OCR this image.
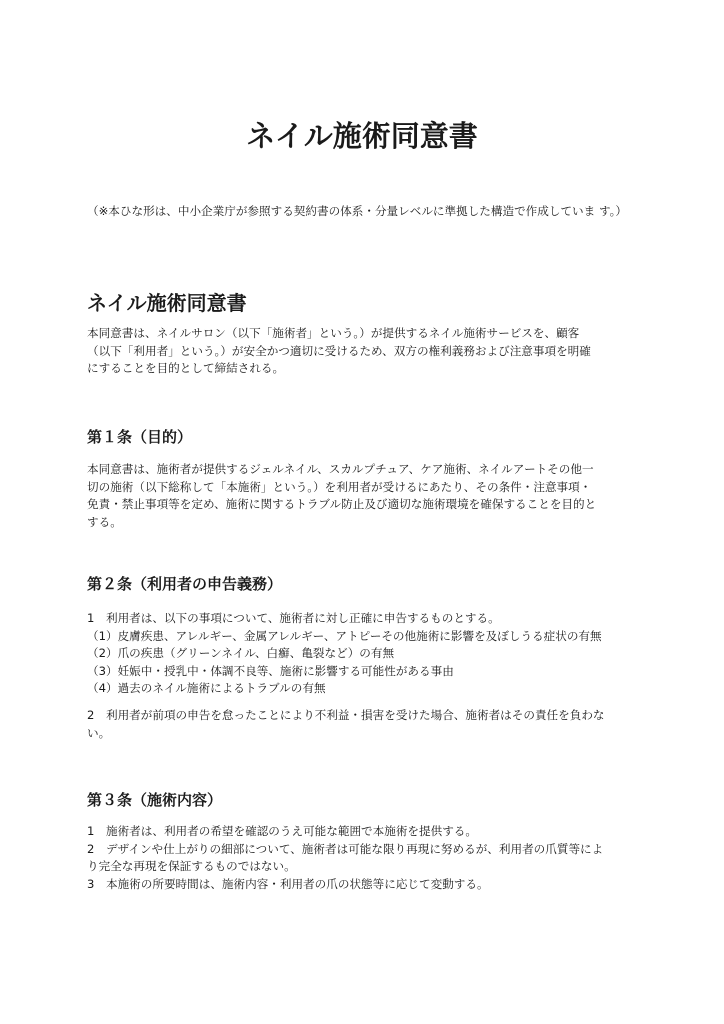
ネイル施術同意書

（※本ひな形は、中小企業庁が参照する契約書の体系・分量レベルに準拠した構造で作成していま す。）

ネイル施術同意書

本同意書は、ネイルサロン（以下「施術者」という。）が提供するネイル施術サービスを、顧客
（以下「利用者」という。）が安全かつ適切に受けるため、双方の権利義務および注意事項を明確
にすることを目的として締結される。

第１条（目的）

本同意書は、施術者が提供するジェルネイル、スカルプチュア、ケア施術、ネイルアートその他一
切の施術（以下総称して「本施術」という。）を利用者が受けるにあたり、その条件・注意事項・
免責・禁止事項等を定め、施術に関するトラブル防止及び適切な施術環境を確保することを目的と
する。

第２条（利用者の申告義務）

1　利用者は、以下の事項について、施術者に対し正確に申告するものとする。
（1）皮膚疾患、アレルギー、金属アレルギー、アトピーその他施術に影響を及ぼしうる症状の有無
（2）爪の疾患（グリーンネイル、白癬、亀裂など）の有無
（3）妊娠中・授乳中・体調不良等、施術に影響する可能性がある事由
（4）過去のネイル施術によるトラブルの有無

2　利用者が前項の申告を怠ったことにより不利益・損害を受けた場合、施術者はその責任を負わな
い。

第３条（施術内容）

1　施術者は、利用者の希望を確認のうえ可能な範囲で本施術を提供する。
2　デザインや仕上がりの細部について、施術者は可能な限り再現に努めるが、利用者の爪質等によ
り完全な再現を保証するものではない。
3　本施術の所要時間は、施術内容・利用者の爪の状態等に応じて変動する。
